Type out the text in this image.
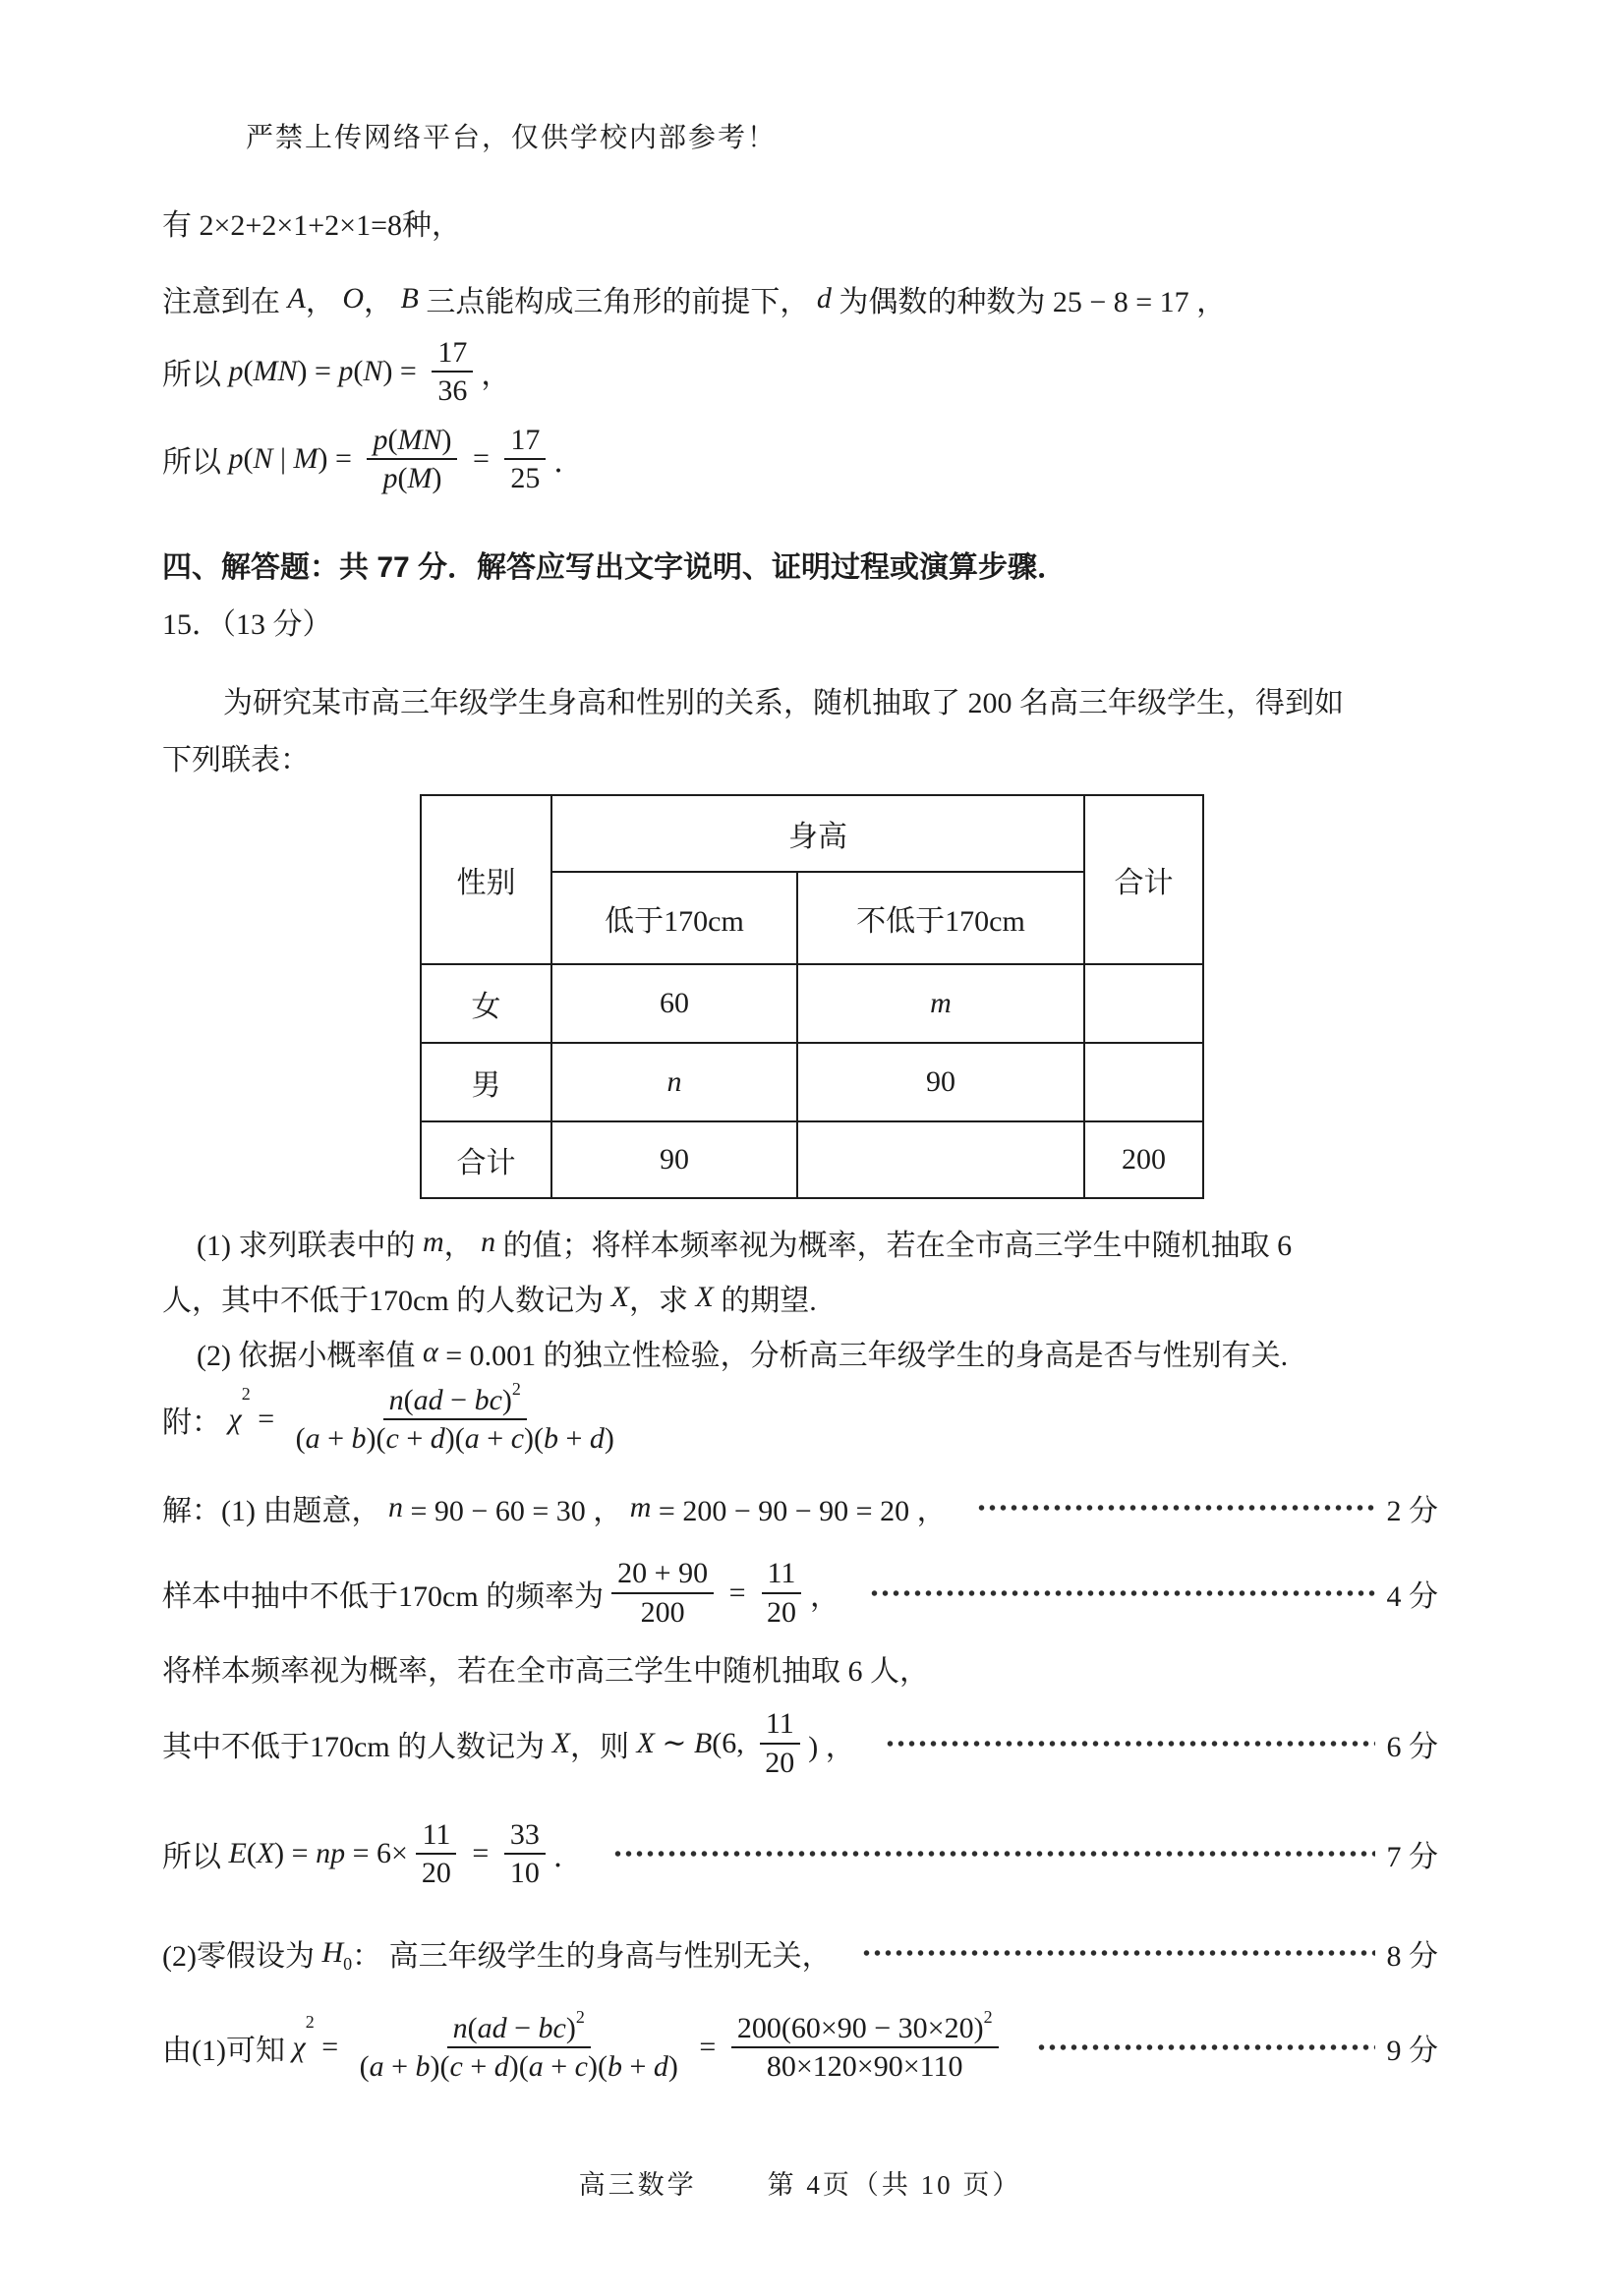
严禁上传网络平台，仅供学校内部参考！
有 2×2+2×1+2×1=8 种，
注意到在 A ， O ， B 三点能构成三角形的前提下， d 为偶数的种数为 25 − 8 = 17 ，
所以 p ( MN ) = p ( N ) = $\frac{17}{36}$ ，
所以 p ( N | M ) = $\frac{p ( MN )}{p ( M )} = \frac{17}{25}$ ．
四、解答题：共 77 分．解答应写出文字说明、证明过程或演算步骤．
15．（13 分）
为研究某市高三年级学生身高和性别的关系，随机抽取了 200 名高三年级学生，得到如
下列联表：
性别	身高		合计
	低于170cm	不低于170cm	
女	60	m	
男	n	90	
合计	90		200
(1) 求列联表中的 m ， n 的值；将样本频率视为概率，若在全市高三学生中随机抽取 6
人，其中不低于170cm 的人数记为 X ，求 X 的期望.
(2) 依据小概率值 α = 0.001 的独立性检验，分析高三年级学生的身高是否与性别有关.
附： χ
$^2$
= $\frac{n ( ad - bc )^2}{( a + b )( c + d )( a + c )( b + d )}$
解：(1) 由题意， n = 90 − 60 = 30 ， m = 200 − 90 − 90 = 20 ，	2 分
样本中抽中不低于170cm 的频率为 $\frac{20 + 90}{200} = \frac{11}{20}$ ，	4 分
将样本频率视为概率，若在全市高三学生中随机抽取 6 人，
其中不低于170cm 的人数记为 X ，则 X ∼ B (6, $\frac{11}{20}$ ) ，	6 分
所以 E ( X ) = np = $6\times \frac{11}{20} = \frac{33}{10}$ ．	7 分
(2)零假设为 $H_0$ ： 高三年级学生的身高与性别无关，	8 分
由(1)可知 χ
$^2$
= $\frac{n ( ad - bc )^2}{( a + b )( c + d )( a + c )( b + d )} = \frac{200(60\times 90 - 30\times 20)^2}{80\times 120\times 90\times 110}$	9 分
高三数学	第 4页（共 10 页）
